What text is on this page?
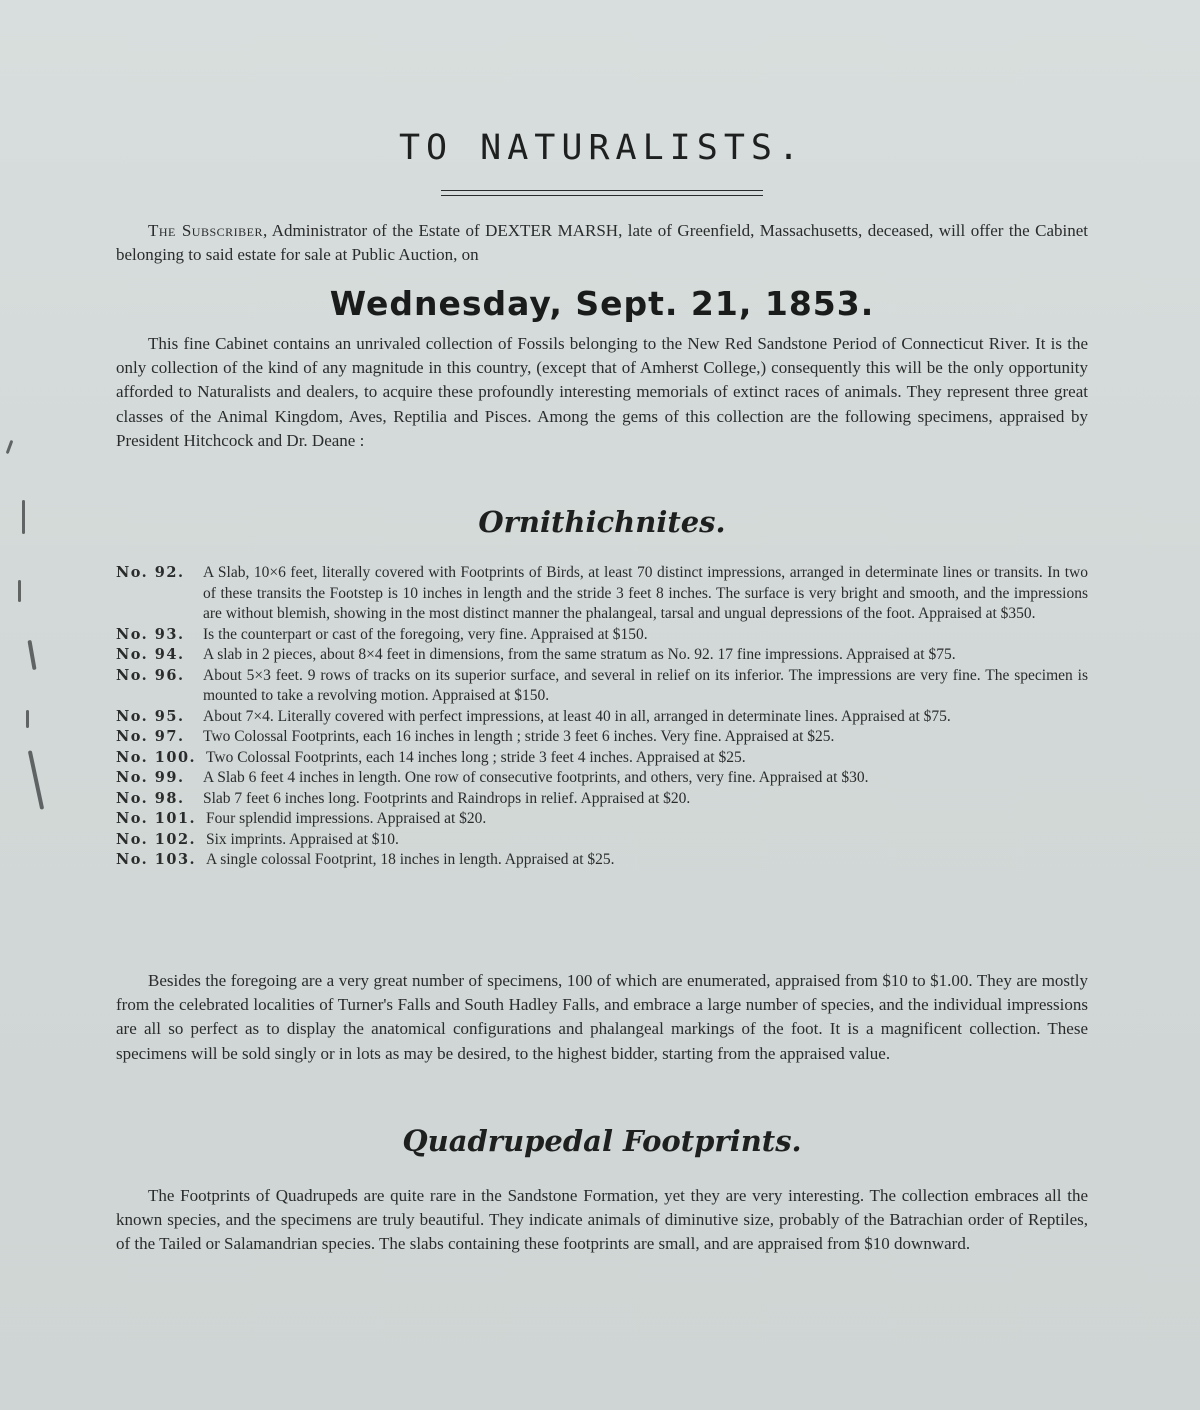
TO NATURALISTS.

The Subscriber, Administrator of the Estate of DEXTER MARSH, late of Greenfield, Massachusetts, deceased, will offer the Cabinet belonging to said estate for sale at Public Auction, on

Wednesday, Sept. 21, 1853.

This fine Cabinet contains an unrivaled collection of Fossils belonging to the New Red Sandstone Period of Connecticut River. It is the only collection of the kind of any magnitude in this country, (except that of Amherst College,) consequently this will be the only opportunity afforded to Naturalists and dealers, to acquire these profoundly interesting memorials of extinct races of animals. They represent three great classes of the Animal Kingdom, Aves, Reptilia and Pisces. Among the gems of this collection are the following specimens, appraised by President Hitchcock and Dr. Deane :

Ornithichnites.
No. 92. A Slab, 10×6 feet, literally covered with Footprints of Birds, at least 70 distinct impressions, arranged in determinate lines or transits. In two of these transits the Footstep is 10 inches in length and the stride 3 feet 8 inches. The surface is very bright and smooth, and the impressions are without blemish, showing in the most distinct manner the phalangeal, tarsal and ungual depressions of the foot. Appraised at $350.
No. 93. Is the counterpart or cast of the foregoing, very fine. Appraised at $150.
No. 94. A slab in 2 pieces, about 8×4 feet in dimensions, from the same stratum as No. 92. 17 fine impressions. Appraised at $75.
No. 96. About 5×3 feet. 9 rows of tracks on its superior surface, and several in relief on its inferior. The impressions are very fine. The specimen is mounted to take a revolving motion. Appraised at $150.
No. 95. About 7×4. Literally covered with perfect impressions, at least 40 in all, arranged in determinate lines. Appraised at $75.
No. 97. Two Colossal Footprints, each 16 inches in length ; stride 3 feet 6 inches. Very fine. Appraised at $25.
No. 100. Two Colossal Footprints, each 14 inches long ; stride 3 feet 4 inches. Appraised at $25.
No. 99. A Slab 6 feet 4 inches in length. One row of consecutive footprints, and others, very fine. Appraised at $30.
No. 98. Slab 7 feet 6 inches long. Footprints and Raindrops in relief. Appraised at $20.
No. 101. Four splendid impressions. Appraised at $20.
No. 102. Six imprints. Appraised at $10.
No. 103. A single colossal Footprint, 18 inches in length. Appraised at $25.

Besides the foregoing are a very great number of specimens, 100 of which are enumerated, appraised from $10 to $1.00. They are mostly from the celebrated localities of Turner's Falls and South Hadley Falls, and embrace a large number of species, and the individual impressions are all so perfect as to display the anatomical configurations and phalangeal markings of the foot. It is a magnificent collection. These specimens will be sold singly or in lots as may be desired, to the highest bidder, starting from the appraised value.

Quadrupedal Footprints.

The Footprints of Quadrupeds are quite rare in the Sandstone Formation, yet they are very interesting. The collection embraces all the known species, and the specimens are truly beautiful. They indicate animals of diminutive size, probably of the Batrachian order of Reptiles, of the Tailed or Salamandrian species. The slabs containing these footprints are small, and are appraised from $10 downward.
